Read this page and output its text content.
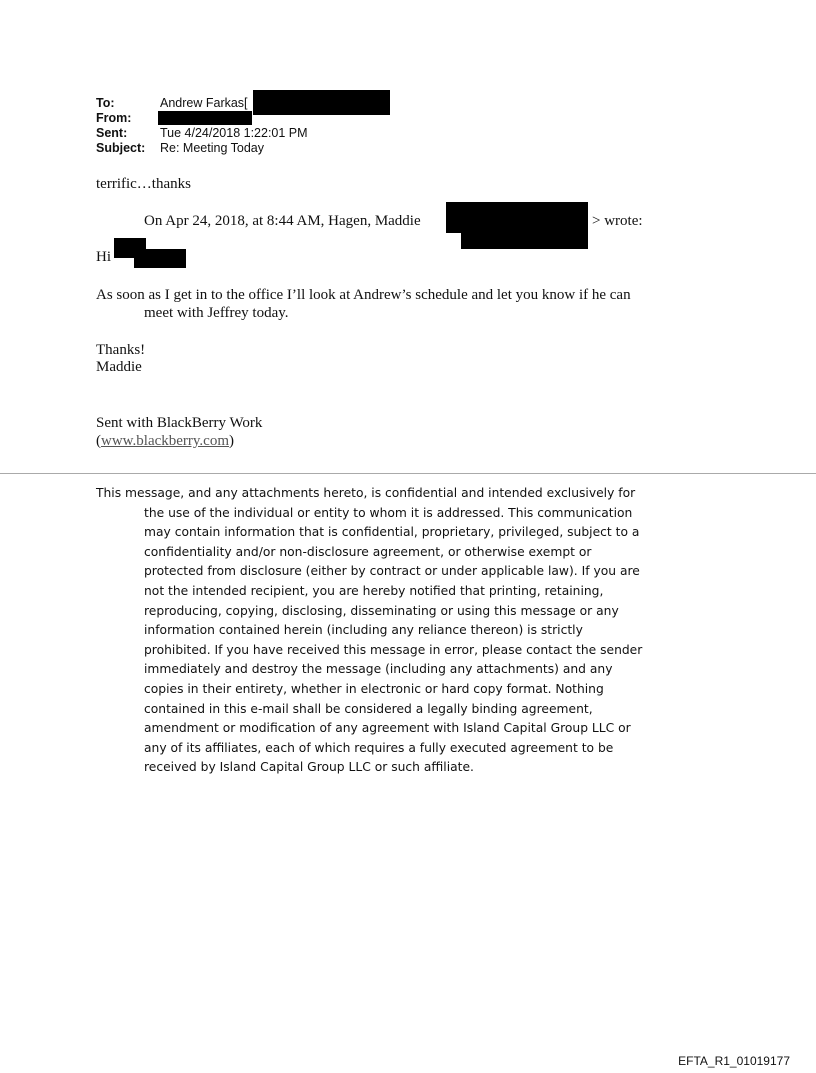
To:	Andrew Farkas[
From:
Sent:	Tue 4/24/2018 1:22:01 PM
Subject: Re: Meeting Today
terrific…thanks
On Apr 24, 2018, at 8:44 AM, Hagen, Maddie	> wrote:
Hi
As soon as I get in to the office I’ll look at Andrew’s schedule and let you know if he can
meet with Jeffrey today.
Thanks!
Maddie
Sent with BlackBerry Work
(www.blackberry.com)
This message, and any attachments hereto, is confidential and intended exclusively for
the use of the individual or entity to whom it is addressed. This communication
may contain information that is confidential, proprietary, privileged, subject to a
confidentiality and/or non-disclosure agreement, or otherwise exempt or
protected from disclosure (either by contract or under applicable law). If you are
not the intended recipient, you are hereby notified that printing, retaining,
reproducing, copying, disclosing, disseminating or using this message or any
information contained herein (including any reliance thereon) is strictly
prohibited. If you have received this message in error, please contact the sender
immediately and destroy the message (including any attachments) and any
copies in their entirety, whether in electronic or hard copy format. Nothing
contained in this e-mail shall be considered a legally binding agreement,
amendment or modification of any agreement with Island Capital Group LLC or
any of its affiliates, each of which requires a fully executed agreement to be
received by Island Capital Group LLC or such affiliate.
EFTA_R1_01019177
